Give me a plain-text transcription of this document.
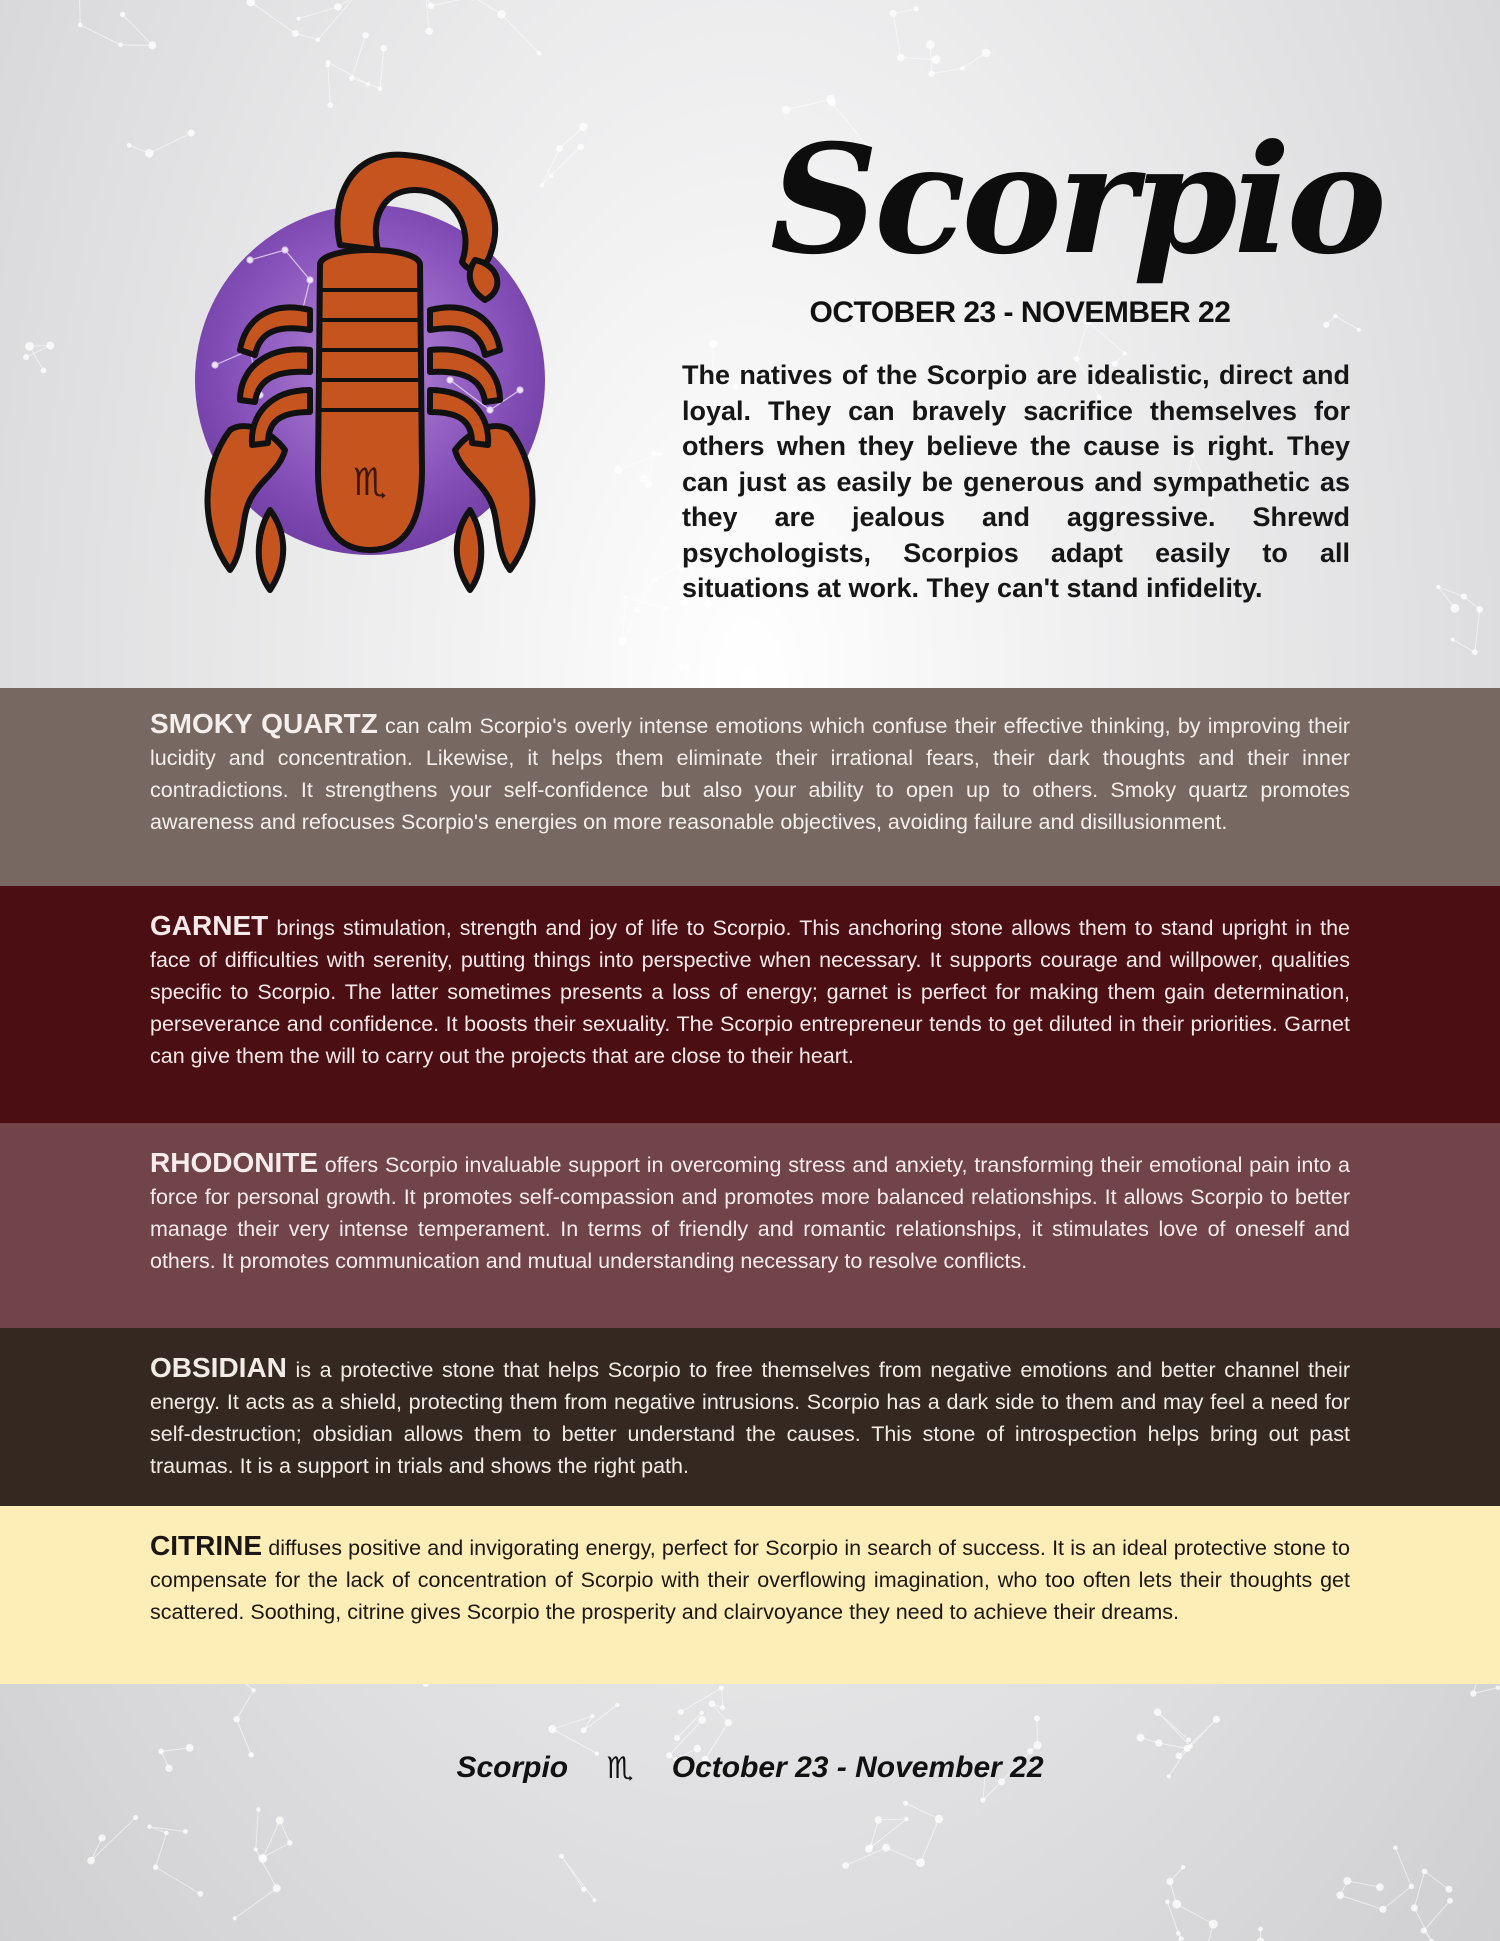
♏
Scorpio
OCTOBER 23 - NOVEMBER 22

The natives of the Scorpio are idealistic, direct and loyal. They can bravely sacrifice themselves for others when they believe the cause is right. They can just as easily be generous and sympathetic as they are jealous and aggressive. Shrewd psychologists, Scorpios adapt easily to all situations at work. They can't stand infidelity.

SMOKY QUARTZ can calm Scorpio's overly intense emotions which confuse their effective thinking, by improving their lucidity and concentration. Likewise, it helps them eliminate their irrational fears, their dark thoughts and their inner contradictions. It strengthens your self-confidence but also your ability to open up to others. Smoky quartz promotes awareness and refocuses Scorpio's energies on more reasonable objectives, avoiding failure and disillusionment.

GARNET brings stimulation, strength and joy of life to Scorpio. This anchoring stone allows them to stand upright in the face of difficulties with serenity, putting things into perspective when necessary. It supports courage and willpower, qualities specific to Scorpio. The latter sometimes presents a loss of energy; garnet is perfect for making them gain determination, perseverance and confidence. It boosts their sexuality. The Scorpio entrepreneur tends to get diluted in their priorities. Garnet can give them the will to carry out the projects that are close to their heart.

RHODONITE offers Scorpio invaluable support in overcoming stress and anxiety, transforming their emotional pain into a force for personal growth. It promotes self-compassion and promotes more balanced relationships. It allows Scorpio to better manage their very intense temperament. In terms of friendly and romantic relationships, it stimulates love of oneself and others. It promotes communication and mutual understanding necessary to resolve conflicts.

OBSIDIAN is a protective stone that helps Scorpio to free themselves from negative emotions and better channel their energy. It acts as a shield, protecting them from negative intrusions. Scorpio has a dark side to them and may feel a need for self-destruction; obsidian allows them to better understand the causes. This stone of introspection helps bring out past traumas. It is a support in trials and shows the right path.

CITRINE diffuses positive and invigorating energy, perfect for Scorpio in search of success. It is an ideal protective stone to compensate for the lack of concentration of Scorpio with their overflowing imagination, who too often lets their thoughts get scattered. Soothing, citrine gives Scorpio the prosperity and clairvoyance they need to achieve their dreams.

Scorpio ♏ October 23 - November 22
